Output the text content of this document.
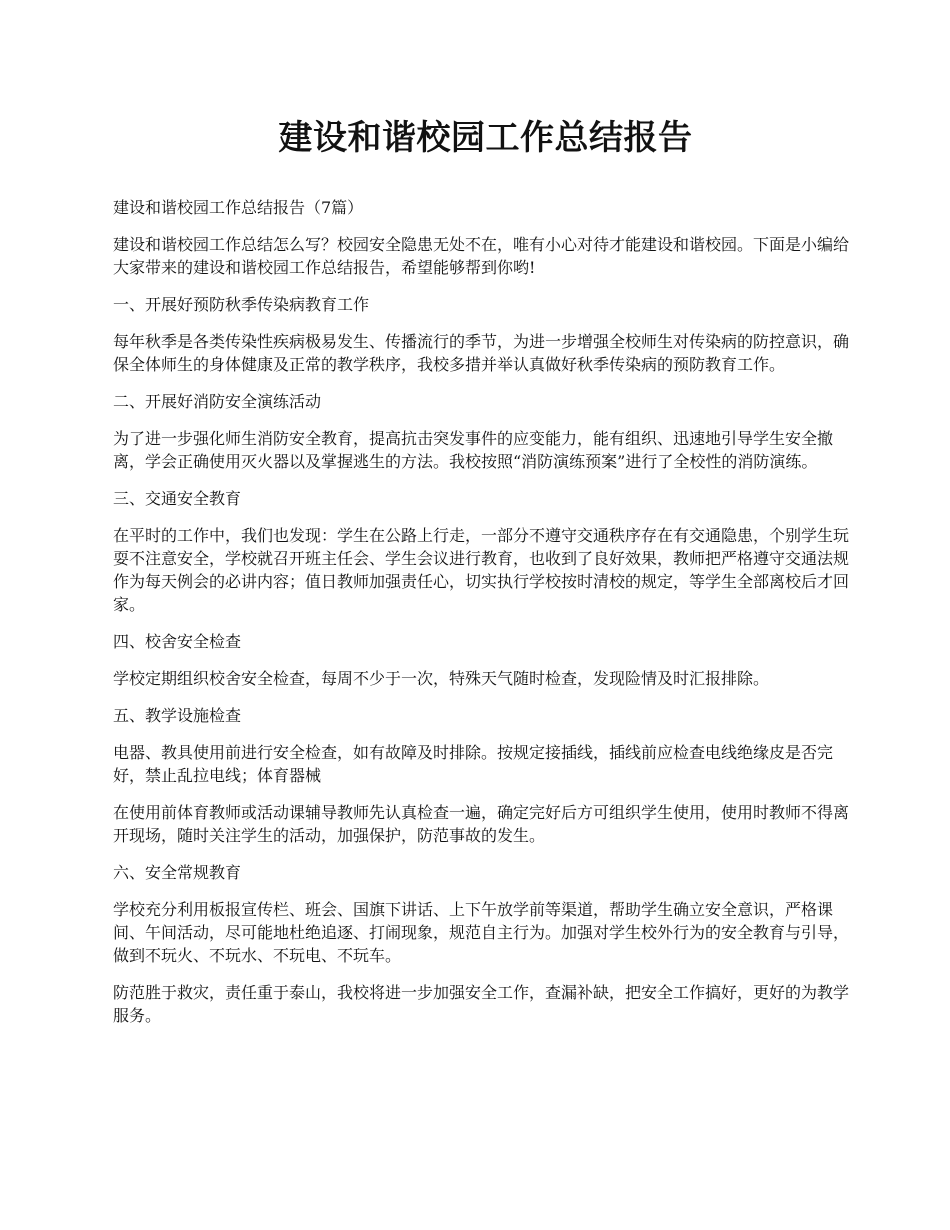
建设和谐校园工作总结报告

建设和谐校园工作总结报告（7篇）

建设和谐校园工作总结怎么写？校园安全隐患无处不在，唯有小心对待才能建设和谐校园。下面是小编给大家带来的建设和谐校园工作总结报告，希望能够帮到你哟!

一、开展好预防秋季传染病教育工作

每年秋季是各类传染性疾病极易发生、传播流行的季节，为进一步增强全校师生对传染病的防控意识，确保全体师生的身体健康及正常的教学秩序，我校多措并举认真做好秋季传染病的预防教育工作。

二、开展好消防安全演练活动

为了进一步强化师生消防安全教育，提高抗击突发事件的应变能力，能有组织、迅速地引导学生安全撤离，学会正确使用灭火器以及掌握逃生的方法。我校按照“消防演练预案”进行了全校性的消防演练。

三、交通安全教育

在平时的工作中，我们也发现：学生在公路上行走，一部分不遵守交通秩序存在有交通隐患，个别学生玩耍不注意安全，学校就召开班主任会、学生会议进行教育，也收到了良好效果，教师把严格遵守交通法规作为每天例会的必讲内容；值日教师加强责任心，切实执行学校按时清校的规定，等学生全部离校后才回家。

四、校舍安全检查

学校定期组织校舍安全检查，每周不少于一次，特殊天气随时检查，发现险情及时汇报排除。

五、教学设施检查

电器、教具使用前进行安全检查，如有故障及时排除。按规定接插线，插线前应检查电线绝缘皮是否完好，禁止乱拉电线；体育器械

在使用前体育教师或活动课辅导教师先认真检查一遍，确定完好后方可组织学生使用，使用时教师不得离开现场，随时关注学生的活动，加强保护，防范事故的发生。

六、安全常规教育

学校充分利用板报宣传栏、班会、国旗下讲话、上下午放学前等渠道，帮助学生确立安全意识，严格课间、午间活动，尽可能地杜绝追逐、打闹现象，规范自主行为。加强对学生校外行为的安全教育与引导，做到不玩火、不玩水、不玩电、不玩车。

防范胜于救灾，责任重于泰山，我校将进一步加强安全工作，查漏补缺，把安全工作搞好，更好的为教学服务。
